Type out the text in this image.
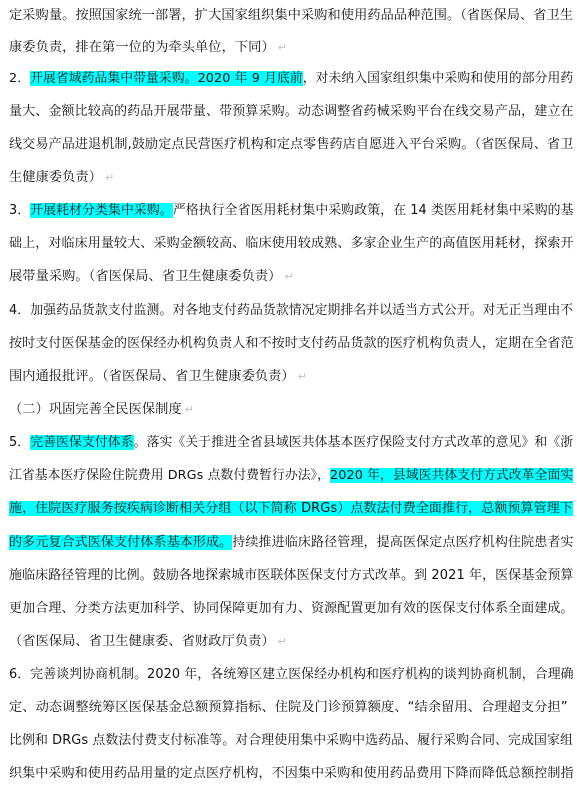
定采购量。按照国家统一部署，扩大国家组织集中采购和使用药品品种范围。（省医保局、省卫生
康委负责，排在第一位的为牵头单位，下同） ↵
2．开展省域药品集中带量采购。2020 年 9 月底前，对未纳入国家组织集中采购和使用的部分用药
量大、金额比较高的药品开展带量、带预算采购。动态调整省药械采购平台在线交易产品，建立在
线交易产品进退机制,鼓励定点民营医疗机构和定点零售药店自愿进入平台采购。（省医保局、省卫
生健康委负责） ↵
3．开展耗材分类集中采购。严格执行全省医用耗材集中采购政策，在 14 类医用耗材集中采购的基
础上，对临床用量较大、采购金额较高、临床使用较成熟、多家企业生产的高值医用耗材，探索开
展带量采购。（省医保局、省卫生健康委负责） ↵
4．加强药品货款支付监测。对各地支付药品货款情况定期排名并以适当方式公开。对无正当理由不
按时支付医保基金的医保经办机构负责人和不按时支付药品货款的医疗机构负责人，定期在全省范
围内通报批评。（省医保局、省卫生健康委负责） ↵
（二）巩固完善全民医保制度 ↵
5．完善医保支付体系。落实《关于推进全省县域医共体基本医疗保险支付方式改革的意见》和《浙
江省基本医疗保险住院费用 DRGs 点数付费暂行办法》，2020 年，县域医共体支付方式改革全面实
施，住院医疗服务按疾病诊断相关分组（以下简称 DRGs）点数法付费全面推行，总额预算管理下
的多元复合式医保支付体系基本形成。持续推进临床路径管理，提高医保定点医疗机构住院患者实
施临床路径管理的比例。鼓励各地探索城市医联体医保支付方式改革。到 2021 年，医保基金预算
更加合理、分类方法更加科学、协同保障更加有力、资源配置更加有效的医保支付体系全面建成。
（省医保局、省卫生健康委、省财政厅负责） ↵
6．完善谈判协商机制。2020 年，各统筹区建立医保经办机构和医疗机构的谈判协商机制，合理确
定、动态调整统筹区医保基金总额预算指标、住院及门诊预算额度、“结余留用、合理超支分担”
比例和 DRGs 点数法付费支付标准等。对合理使用集中采购中选药品、履行采购合同、完成国家组
织集中采购和使用药品用量的定点医疗机构，不因集中采购和使用药品费用下降而降低总额控制指
